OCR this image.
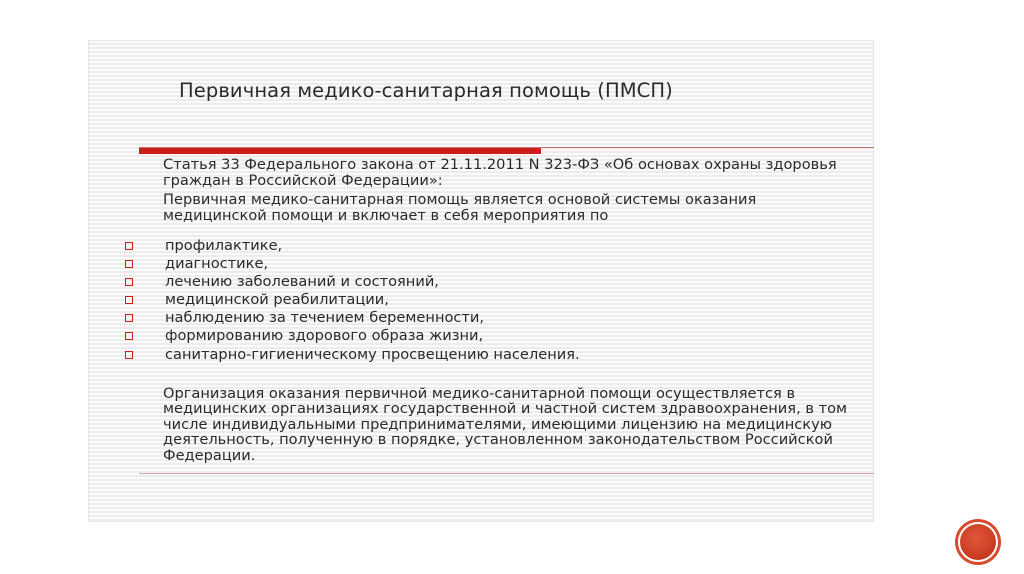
Первичная медико-санитарная помощь (ПМСП)

Статья 33 Федерального закона от 21.11.2011 N 323-ФЗ «Об основах охраны здоровья граждан в Российской Федерации»:

Первичная медико-санитарная помощь является основой системы оказания медицинской помощи и включает в себя мероприятия по

профилактике,
диагностике,
лечению заболеваний и состояний,
медицинской реабилитации,
наблюдению за течением беременности,
формированию здорового образа жизни,
санитарно-гигиеническому просвещению населения.

Организация оказания первичной медико-санитарной помощи осуществляется в медицинских организациях государственной и частной систем здравоохранения, в том числе индивидуальными предпринимателями, имеющими лицензию на медицинскую деятельность, полученную в порядке, установленном законодательством Российской Федерации.
